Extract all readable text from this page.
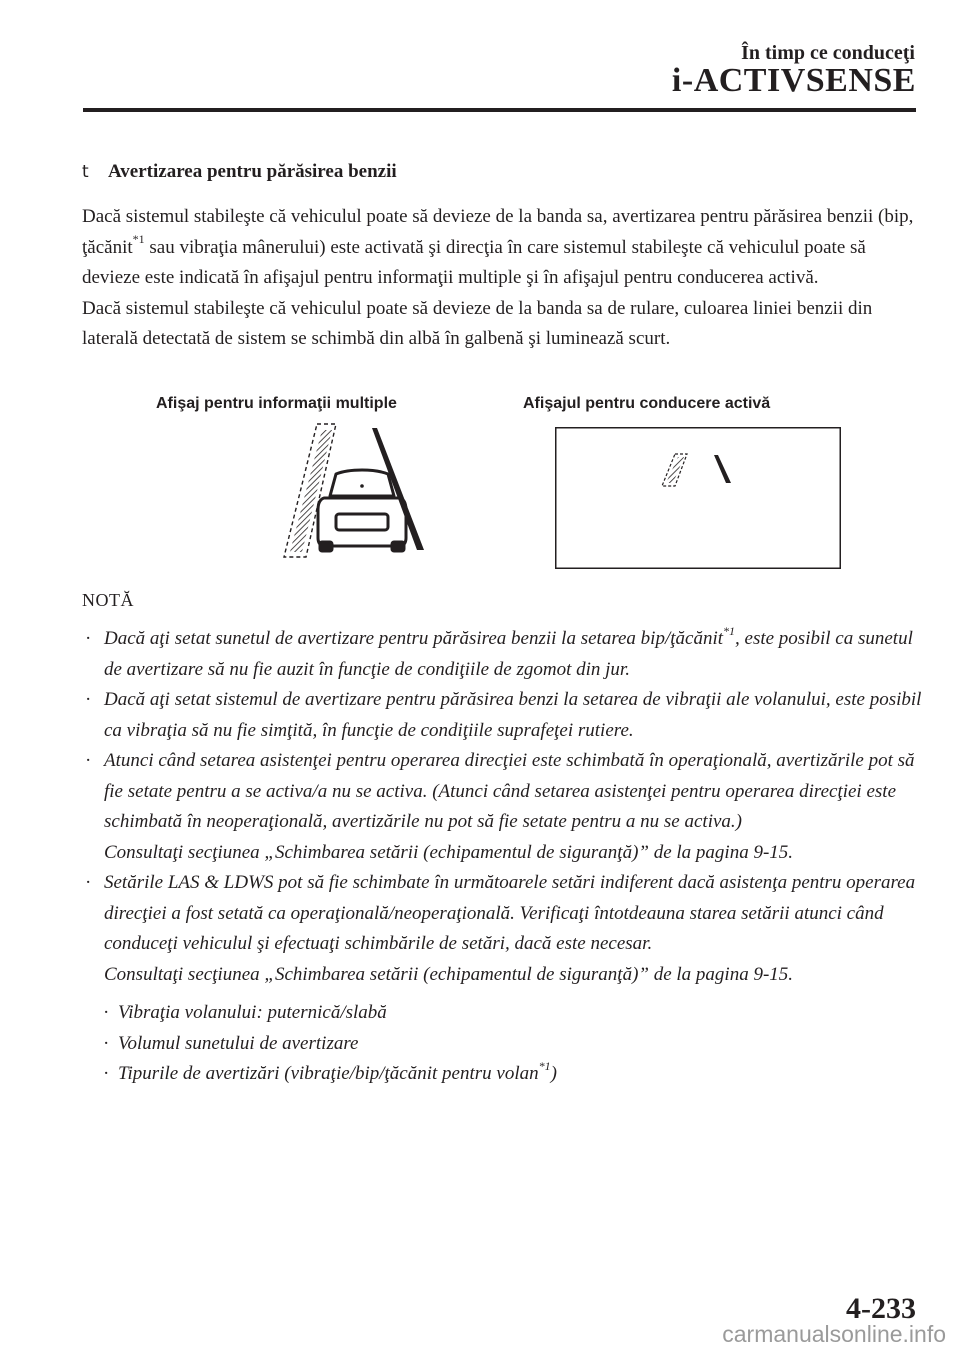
În timp ce conduceţi
i-ACTIVSENSE
t Avertizarea pentru părăsirea benzii

Dacă sistemul stabileşte că vehiculul poate să devieze de la banda sa, avertizarea pentru părăsirea benzii (bip, ţăcănit$^{*1}$ sau vibraţia mânerului) este activată şi direcţia în care sistemul stabileşte că vehiculul poate să devieze este indicată în afişajul pentru informaţii multiple şi în afişajul pentru conducerea activă.

Dacă sistemul stabileşte că vehiculul poate să devieze de la banda sa de rulare, culoarea liniei benzii din laterală detectată de sistem se schimbă din albă în galbenă şi luminează scurt.

Afişaj pentru informaţii multiple	Afişajul pentru conducere activă
NOTĂ
· Dacă aţi setat sunetul de avertizare pentru părăsirea benzii la setarea bip/ţăcănit$^{*1}$, este posibil ca sunetul de avertizare să nu fie auzit în funcţie de condiţiile de zgomot din jur.
· Dacă aţi setat sistemul de avertizare pentru părăsirea benzi la setarea de vibraţii ale volanului, este posibil ca vibraţia să nu fie simţită, în funcţie de condiţiile suprafeţei rutiere.
· Atunci când setarea asistenţei pentru operarea direcţiei este schimbată în operaţională, avertizările pot să fie setate pentru a se activa/a nu se activa. (Atunci când setarea asistenţei pentru operarea direcţiei este schimbată în neoperaţională, avertizările nu pot să fie setate pentru a nu se activa.)
Consultaţi secţiunea „Schimbarea setării (echipamentul de siguranţă)” de la pagina 9-15.
· Setările LAS & LDWS pot să fie schimbate în următoarele setări indiferent dacă asistenţa pentru operarea direcţiei a fost setată ca operaţională/neoperaţională. Verificaţi întotdeauna starea setării atunci când conduceţi vehiculul şi efectuaţi schimbările de setări, dacă este necesar.
Consultaţi secţiunea „Schimbarea setării (echipamentul de siguranţă)” de la pagina 9-15.
· Vibraţia volanului: puternică/slabă
· Volumul sunetului de avertizare
· Tipurile de avertizări (vibraţie/bip/ţăcănit pentru volan$^{*1}$)
4-233
carmanualsonline.info
